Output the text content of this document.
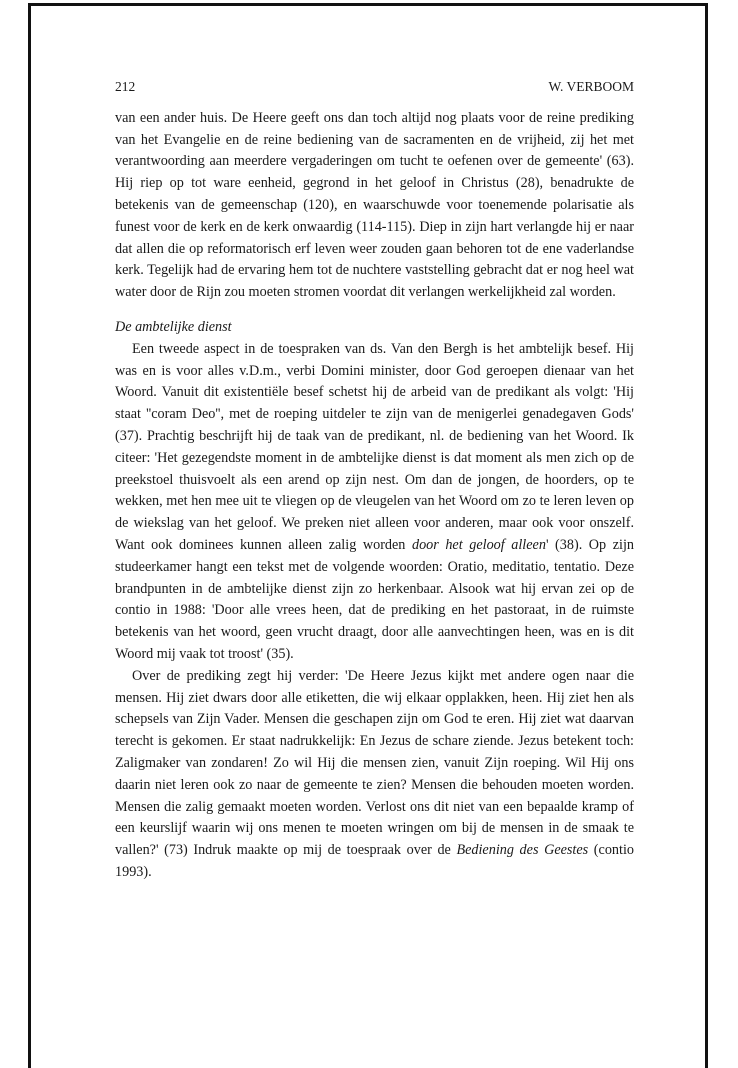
212	W. VERBOOM

van een ander huis. De Heere geeft ons dan toch altijd nog plaats voor de reine prediking van het Evangelie en de reine bediening van de sacramenten en de vrijheid, zij het met verantwoording aan meerdere vergaderingen om tucht te oefenen over de gemeente' (63). Hij riep op tot ware eenheid, gegrond in het geloof in Christus (28), benadrukte de betekenis van de gemeenschap (120), en waarschuwde voor toenemende polarisatie als funest voor de kerk en de kerk onwaardig (114-115). Diep in zijn hart verlangde hij er naar dat allen die op reformatorisch erf leven weer zouden gaan behoren tot de ene vaderlandse kerk. Tegelijk had de ervaring hem tot de nuchtere vaststelling gebracht dat er nog heel wat water door de Rijn zou moeten stromen voordat dit verlangen werkelijkheid zal worden.

De ambtelijke dienst

Een tweede aspect in de toespraken van ds. Van den Bergh is het ambtelijk besef. Hij was en is voor alles v.D.m., verbi Domini minister, door God geroepen dienaar van het Woord. Vanuit dit existentiële besef schetst hij de arbeid van de predikant als volgt: 'Hij staat ''coram Deo'', met de roeping uitdeler te zijn van de menigerlei genadegaven Gods' (37). Prachtig beschrijft hij de taak van de predikant, nl. de bediening van het Woord. Ik citeer: 'Het gezegendste moment in de ambtelijke dienst is dat moment als men zich op de preekstoel thuisvoelt als een arend op zijn nest. Om dan de jongen, de hoorders, op te wekken, met hen mee uit te vliegen op de vleugelen van het Woord om zo te leren leven op de wiekslag van het geloof. We preken niet alleen voor anderen, maar ook voor onszelf. Want ook dominees kunnen alleen zalig worden door het geloof alleen' (38). Op zijn studeerkamer hangt een tekst met de volgende woorden: Oratio, meditatio, tentatio. Deze brandpunten in de ambtelijke dienst zijn zo herkenbaar. Alsook wat hij ervan zei op de contio in 1988: 'Door alle vrees heen, dat de prediking en het pastoraat, in de ruimste betekenis van het woord, geen vrucht draagt, door alle aanvechtingen heen, was en is dit Woord mij vaak tot troost' (35).

Over de prediking zegt hij verder: 'De Heere Jezus kijkt met andere ogen naar die mensen. Hij ziet dwars door alle etiketten, die wij elkaar opplakken, heen. Hij ziet hen als schepsels van Zijn Vader. Mensen die geschapen zijn om God te eren. Hij ziet wat daarvan terecht is gekomen. Er staat nadrukkelijk: En Jezus de schare ziende. Jezus betekent toch: Zaligmaker van zondaren! Zo wil Hij die mensen zien, vanuit Zijn roeping. Wil Hij ons daarin niet leren ook zo naar de gemeente te zien? Mensen die behouden moeten worden. Mensen die zalig gemaakt moeten worden. Verlost ons dit niet van een bepaalde kramp of een keurslijf waarin wij ons menen te moeten wringen om bij de mensen in de smaak te vallen?' (73) Indruk maakte op mij de toespraak over de Bediening des Geestes (contio 1993).
